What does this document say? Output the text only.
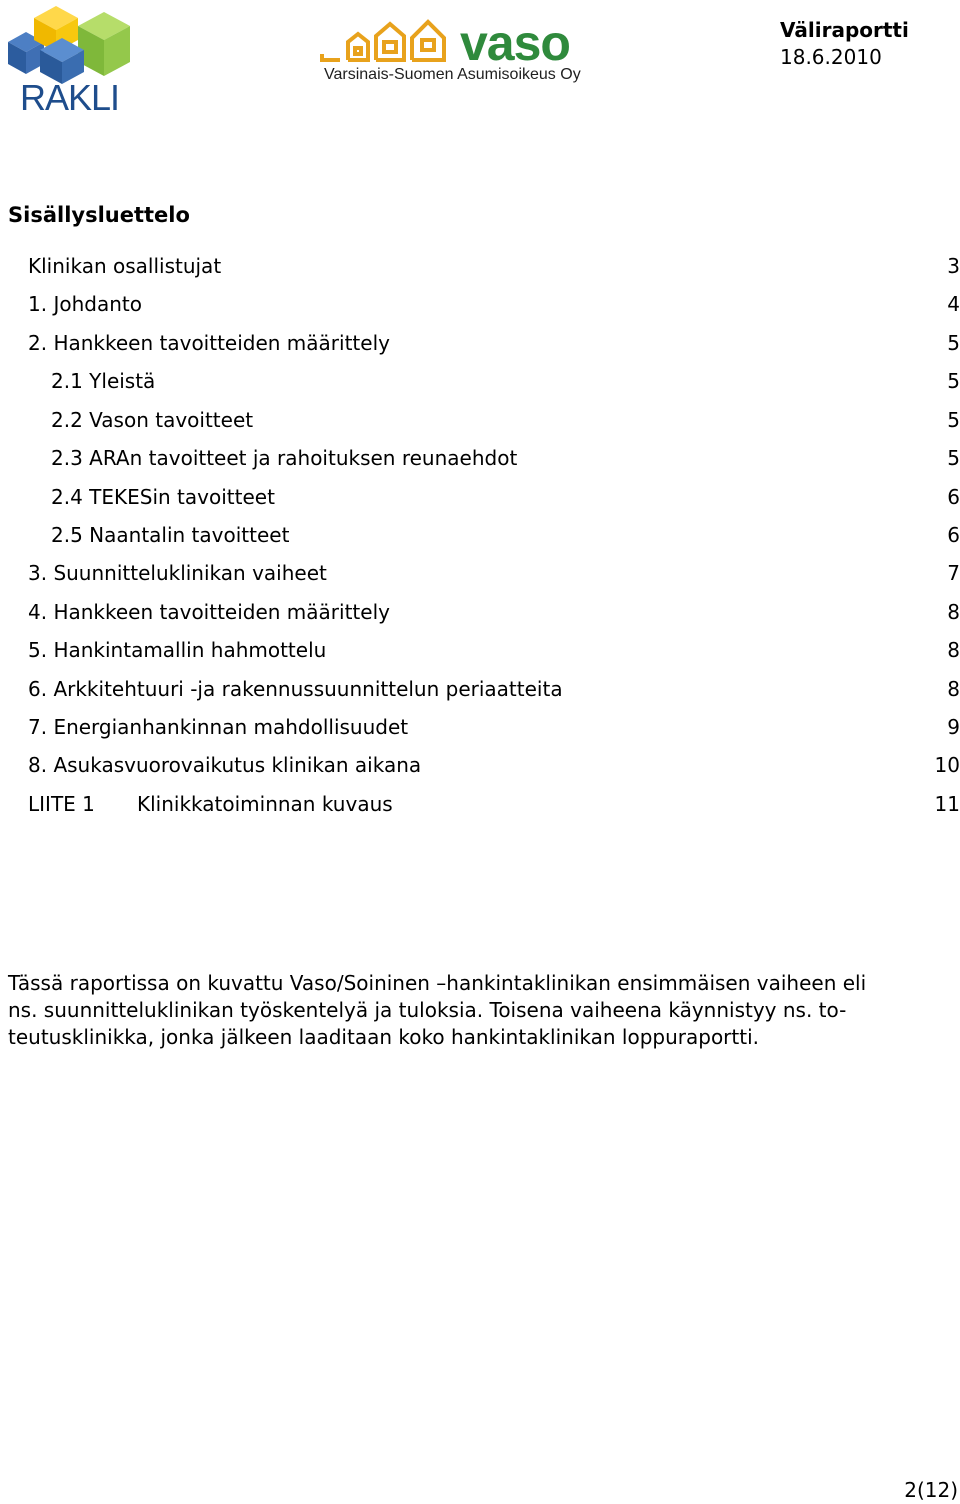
RAKLI
vaso
Varsinais-Suomen Asumisoikeus Oy
Väliraportti
18.6.2010
Sisällysluettelo
Klinikan osallistujat	3
1. Johdanto	4
2. Hankkeen tavoitteiden määrittely	5
2.1 Yleistä	5
2.2 Vason tavoitteet	5
2.3 ARAn tavoitteet ja rahoituksen reunaehdot	5
2.4 TEKESin tavoitteet	6
2.5 Naantalin tavoitteet	6
3. Suunnitteluklinikan vaiheet	7
4. Hankkeen tavoitteiden määrittely	8
5. Hankintamallin hahmottelu	8
6. Arkkitehtuuri -ja rakennussuunnittelun periaatteita	8
7. Energianhankinnan mahdollisuudet	9
8. Asukasvuorovaikutus klinikan aikana	10
LIITE 1 Klinikkatoiminnan kuvaus	11
Tässä raportissa on kuvattu Vaso/Soininen –hankintaklinikan ensimmäisen vaiheen eli
ns. suunnitteluklinikan työskentelyä ja tuloksia. Toisena vaiheena käynnistyy ns. to-
teutusklinikka, jonka jälkeen laaditaan koko hankintaklinikan loppuraportti.
2(12)
